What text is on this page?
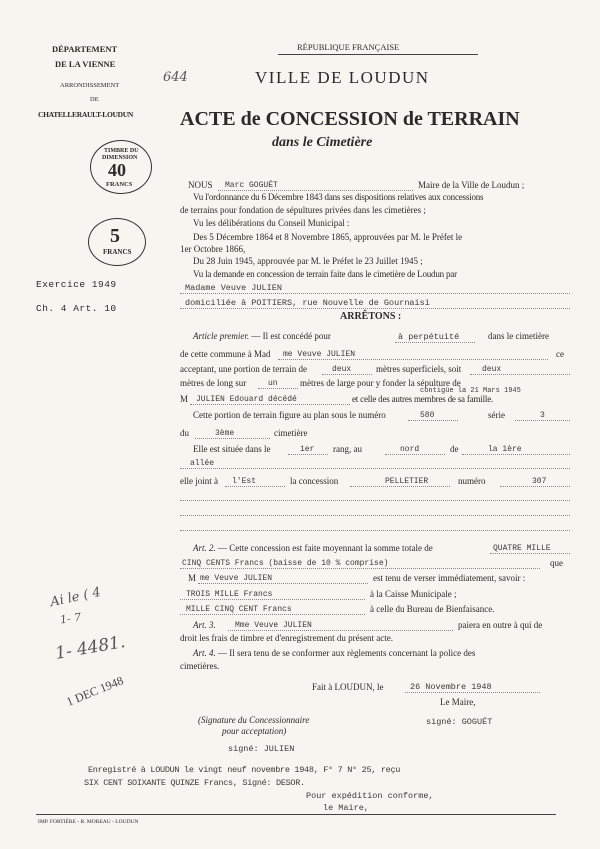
DÉPARTEMENT
DE LA VIENNE
ARRONDISSEMENT
DE
CHATELLERAULT-LOUDUN
RÉPUBLIQUE FRANÇAISE
644	VILLE DE LOUDUN
ACTE de CONCESSION de TERRAIN
dans le Cimetière
TIMBRE DU
DIMENSION
40
FRANCS
5
FRANCS
Exercice 1949
Ch. 4 Art. 10
Ai le ( 4
1- 7
1- 4481.
1 DEC 1948
NOUS Marc GOGUÉT	Maire de la Ville de Loudun ;
Vu l'ordonnance du 6 Décembre 1843 dans ses dispositions relatives aux concessions
de terrains pour fondation de sépultures privées dans les cimetières ;
Vu les délibérations du Conseil Municipal :
Des 5 Décembre 1864 et 8 Novembre 1865, approuvées par M. le Préfet le
1er Octobre 1866,
Du 28 Juin 1945, approuvée par M. le Préfet le 23 Juillet 1945 ;
Vu la demande en concession de terrain faite dans le cimetière de Loudun par
Madame Veuve JULIEN
domiciliée à POITIERS, rue Nouvelle de Gournaisi
ARRÊTONS :
Article premier. — Il est concédé pour	à perpétuité	dans le cimetière
de cette commune à Mad me Veuve JULIEN	ce
acceptant, une portion de terrain de	deux	mètres superficiels, soit	deux
mètres de long sur	un mètres de large pour y fonder la sépulture de
contigüe la 21 Mars 1945
M JULIEN Edouard décédé	et celle des autres membres de sa famille.
Cette portion de terrain figure au plan sous le numéro	580	série	3
du	3ème	cimetière
Elle est située dans le	1er rang, au	nord	de	la 1ère
allée
elle joint à l'Est	la concession	PELLETIER	numéro	307
Art. 2. — Cette concession est faite moyennant la somme totale de	QUATRE MILLE
CINQ CENTS Francs (baisse de 10 % comprise)	que
M me Veuve JULIEN	est tenu de verser immédiatement, savoir :
TROIS MILLE Francs	à la Caisse Municipale ;
MILLE CINQ CENT Francs	à celle du Bureau de Bienfaisance.
Art. 3. Mme Veuve JULIEN	paiera en outre à qui de
droit les frais de timbre et d'enregistrement du présent acte.
Art. 4. — Il sera tenu de se conformer aux règlements concernant la police des
cimetières.
Fait à LOUDUN, le	26 Novembre 1948
Le Maire,
(Signature du Concessionnaire
pour acceptation)
signé: GOGUÉT
signé: JULIEN
Enregistré à LOUDUN le vingt neuf novembre 1948, F° 7 N° 25, reçu
SIX CENT SOIXANTE QUINZE Francs, Signé: DESOR.
Pour expédition conforme,
le Maire,
IMP. FORTIÈRE - R. MOREAU - LOUDUN
